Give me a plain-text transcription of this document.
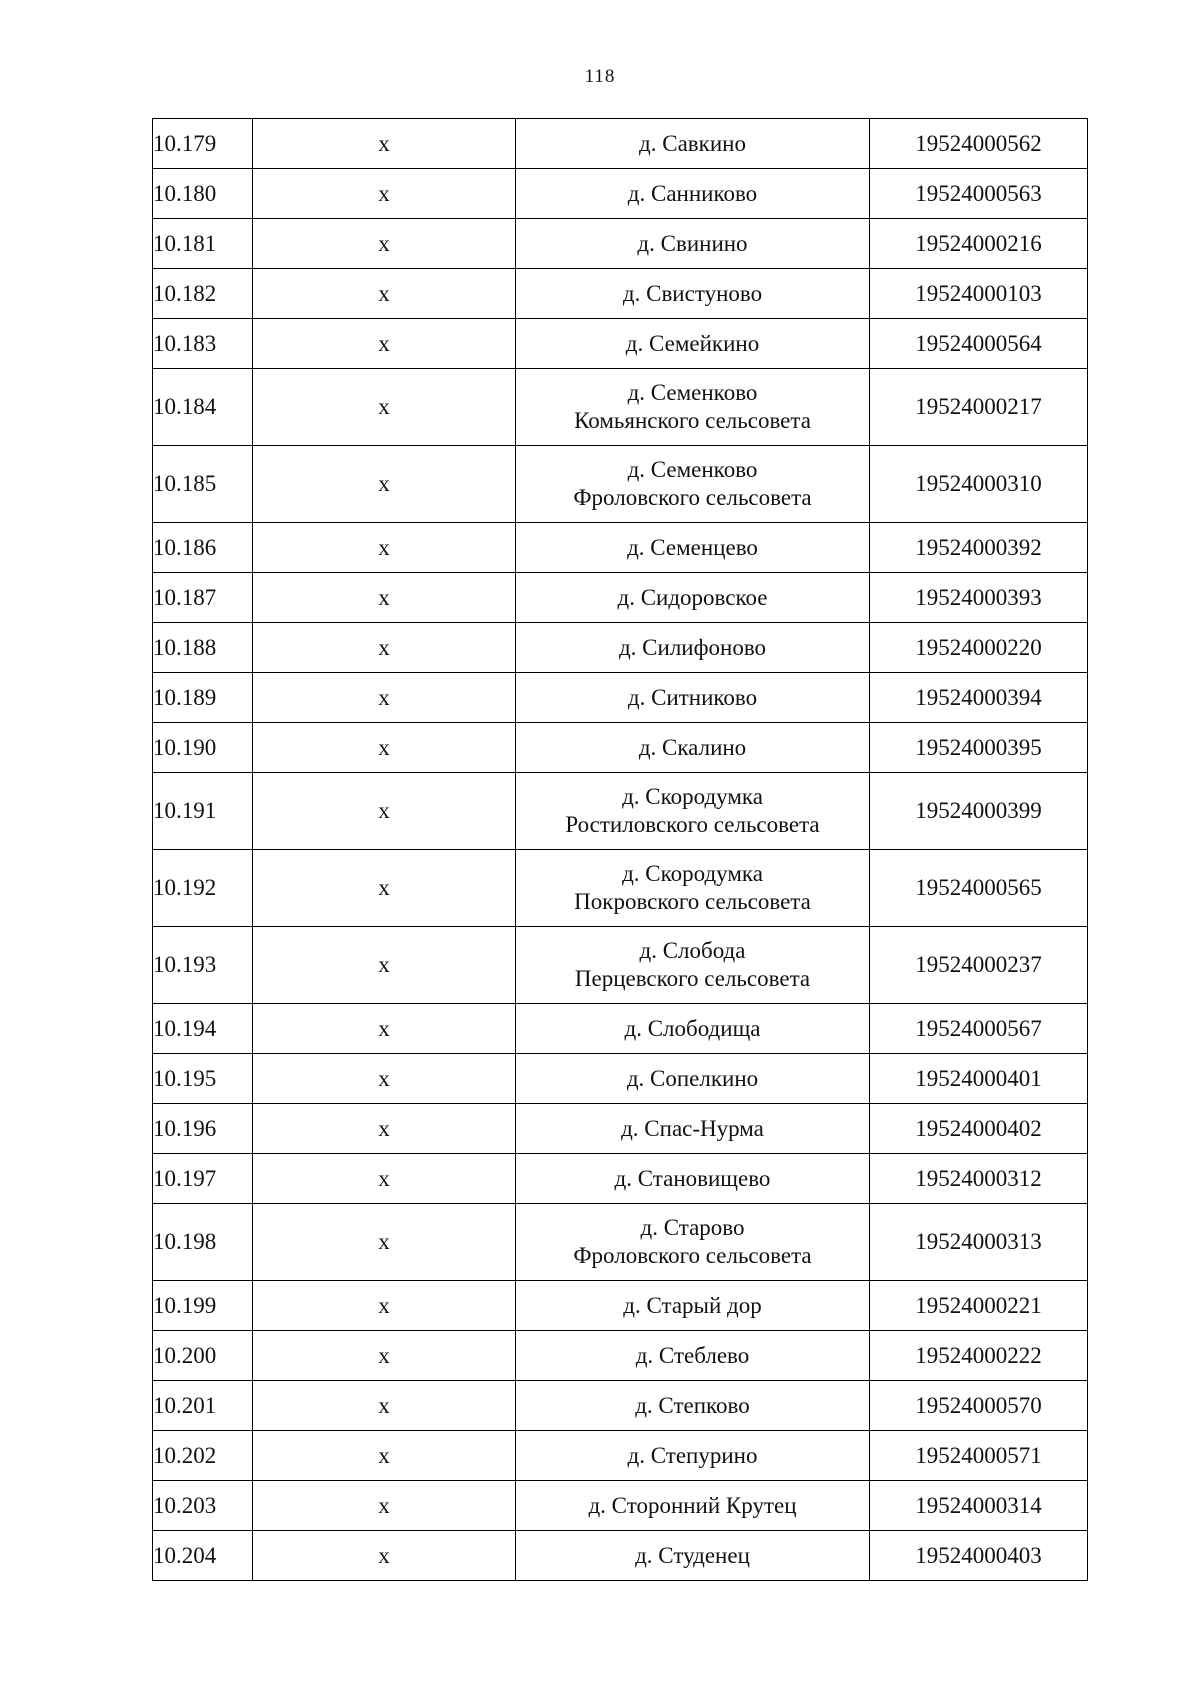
118
10.179	х	д. Савкино	19524000562
10.180	х	д. Санниково	19524000563
10.181	х	д. Свинино	19524000216
10.182	х	д. Свистуново	19524000103
10.183	х	д. Семейкино	19524000564
10.184	х	д. Семенково
Комьянского сельсовета	19524000217
10.185	х	д. Семенково
Фроловского сельсовета	19524000310
10.186	х	д. Семенцево	19524000392
10.187	х	д. Сидоровское	19524000393
10.188	х	д. Силифоново	19524000220
10.189	х	д. Ситниково	19524000394
10.190	х	д. Скалино	19524000395
10.191	х	д. Скородумка
Ростиловского сельсовета	19524000399
10.192	х	д. Скородумка
Покровского сельсовета	19524000565
10.193	х	д. Слобода
Перцевского сельсовета	19524000237
10.194	х	д. Слободища	19524000567
10.195	х	д. Сопелкино	19524000401
10.196	х	д. Спас-Нурма	19524000402
10.197	х	д. Становищево	19524000312
10.198	х	д. Старово
Фроловского сельсовета	19524000313
10.199	х	д. Старый дор	19524000221
10.200	х	д. Стеблево	19524000222
10.201	х	д. Степково	19524000570
10.202	х	д. Степурино	19524000571
10.203	х	д. Сторонний Крутец	19524000314
10.204	х	д. Студенец	19524000403
